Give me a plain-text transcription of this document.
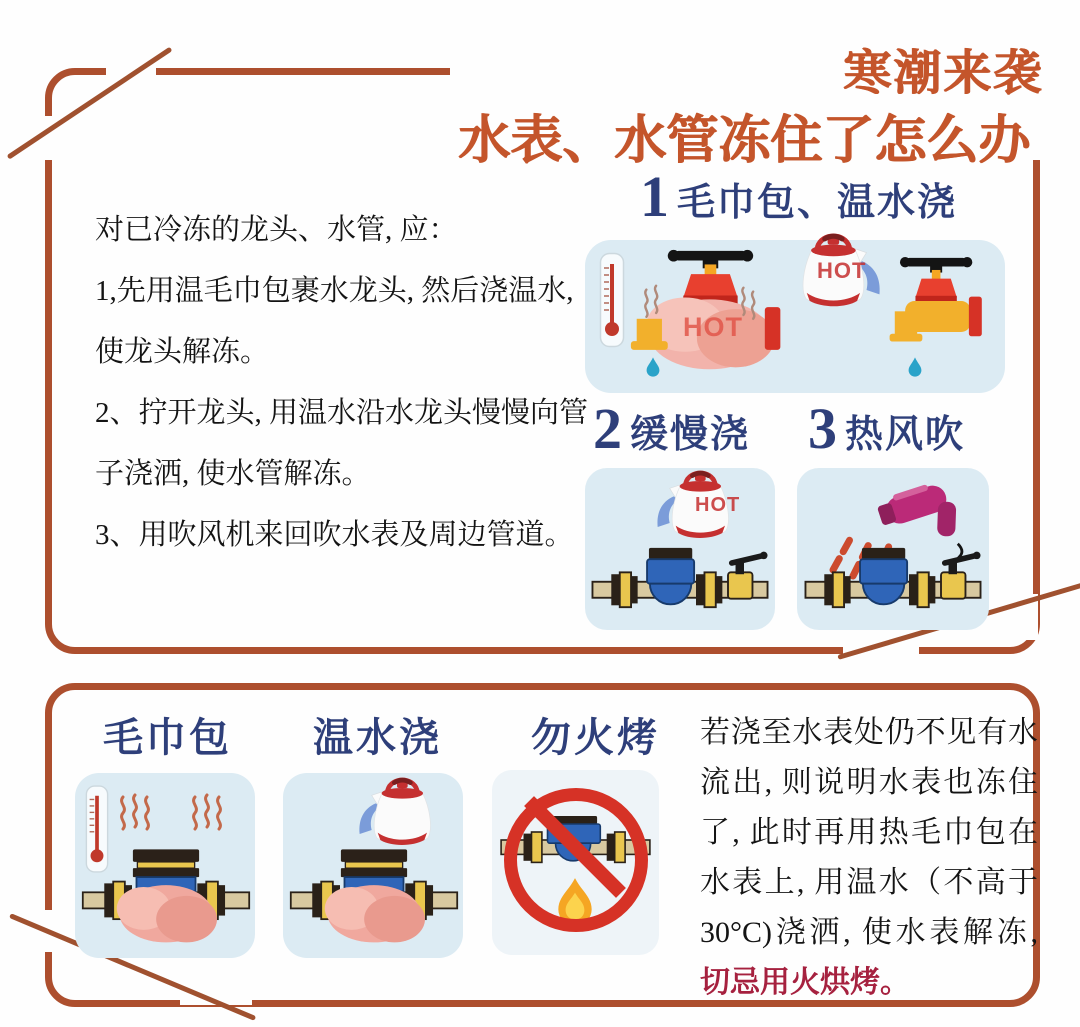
寒潮来袭
水表、水管冻住了怎么办

对已冷冻的龙头、水管, 应：

1,先用温毛巾包裹水龙头, 然后浇温水,

使龙头解冻。

2、拧开龙头, 用温水沿水龙头慢慢向管

子浇洒, 使水管解冻。

3、用吹风机来回吹水表及周边管道。

1 毛巾包、温水浇
2 缓慢浇 3 热风吹
HOT
HOT
HOT
毛巾包 温水浇 勿火烤 若浇至水表处仍不见有水流出, 则说明水表也冻住了, 此时再用热毛巾包在水表上, 用温水（不高于30°C)浇洒, 使水表解冻, 切忌用火烘烤。
